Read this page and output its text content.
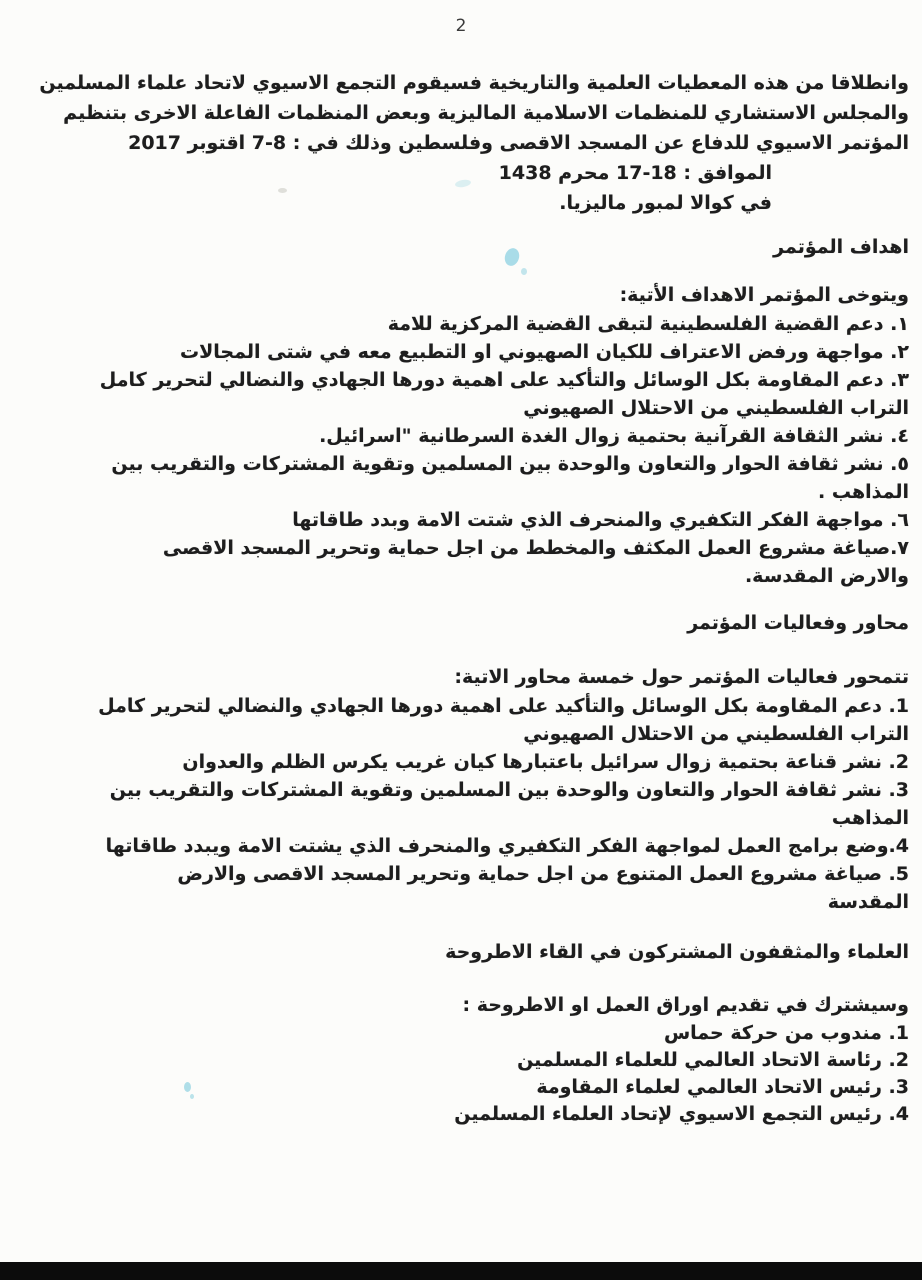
2
وانطلاقا من هذه المعطيات العلمية والتاريخية فسيقوم التجمع الاسيوي لاتحاد علماء المسلمين
والمجلس الاستشاري للمنظمات الاسلامية الماليزية وبعض المنظمات الفاعلة الاخرى بتنظيم
المؤتمر الاسيوي للدفاع عن المسجد الاقصى وفلسطين وذلك في : 8-7 اقتوبر 2017
الموافق : 18-17 محرم 1438
في كوالا لمبور ماليزيا.
اهداف المؤتمر
ويتوخى المؤتمر الاهداف الأتية:
١. دعم القضية الفلسطينية لتبقى القضية المركزية للامة
٢. مواجهة ورفض الاعتراف للكيان الصهيوني او التطبيع معه في شتى المجالات
٣. دعم المقاومة بكل الوسائل والتأكيد على اهمية دورها الجهادي والنضالي لتحرير كامل
التراب الفلسطيني من الاحتلال الصهيوني
٤. نشر الثقافة القرآنية بحتمية زوال الغدة السرطانية "اسرائيل.
٥. نشر ثقافة الحوار والتعاون والوحدة بين المسلمين وتقوية المشتركات والتقريب بين
المذاهب .
٦. مواجهة الفكر التكفيري والمنحرف الذي شتت الامة وبدد طاقاتها
٧.صياغة مشروع العمل المكثف والمخطط من اجل حماية وتحرير المسجد الاقصى
والارض المقدسة.
محاور وفعاليات المؤتمر
تتمحور فعاليات المؤتمر حول خمسة محاور الاتية:
1. دعم المقاومة بكل الوسائل والتأكيد على اهمية دورها الجهادي والنضالي لتحرير كامل
التراب الفلسطيني من الاحتلال الصهيوني
2. نشر قناعة بحتمية زوال سرائيل باعتبارها كيان غريب يكرس الظلم والعدوان
3. نشر ثقافة الحوار والتعاون والوحدة بين المسلمين وتقوية المشتركات والتقريب بين
المذاهب
4.وضع برامج العمل لمواجهة الفكر التكفيري والمنحرف الذي يشتت الامة ويبدد طاقاتها
5. صياغة مشروع العمل المتنوع من اجل حماية وتحرير المسجد الاقصى والارض
المقدسة
العلماء والمثقفون المشتركون في القاء الاطروحة
وسيشترك في تقديم اوراق العمل او الاطروحة :
1. مندوب من حركة حماس
2. رئاسة الاتحاد العالمي للعلماء المسلمين
3. رئيس الاتحاد العالمي لعلماء المقاومة
4. رئيس التجمع الاسيوي لإتحاد العلماء المسلمين
